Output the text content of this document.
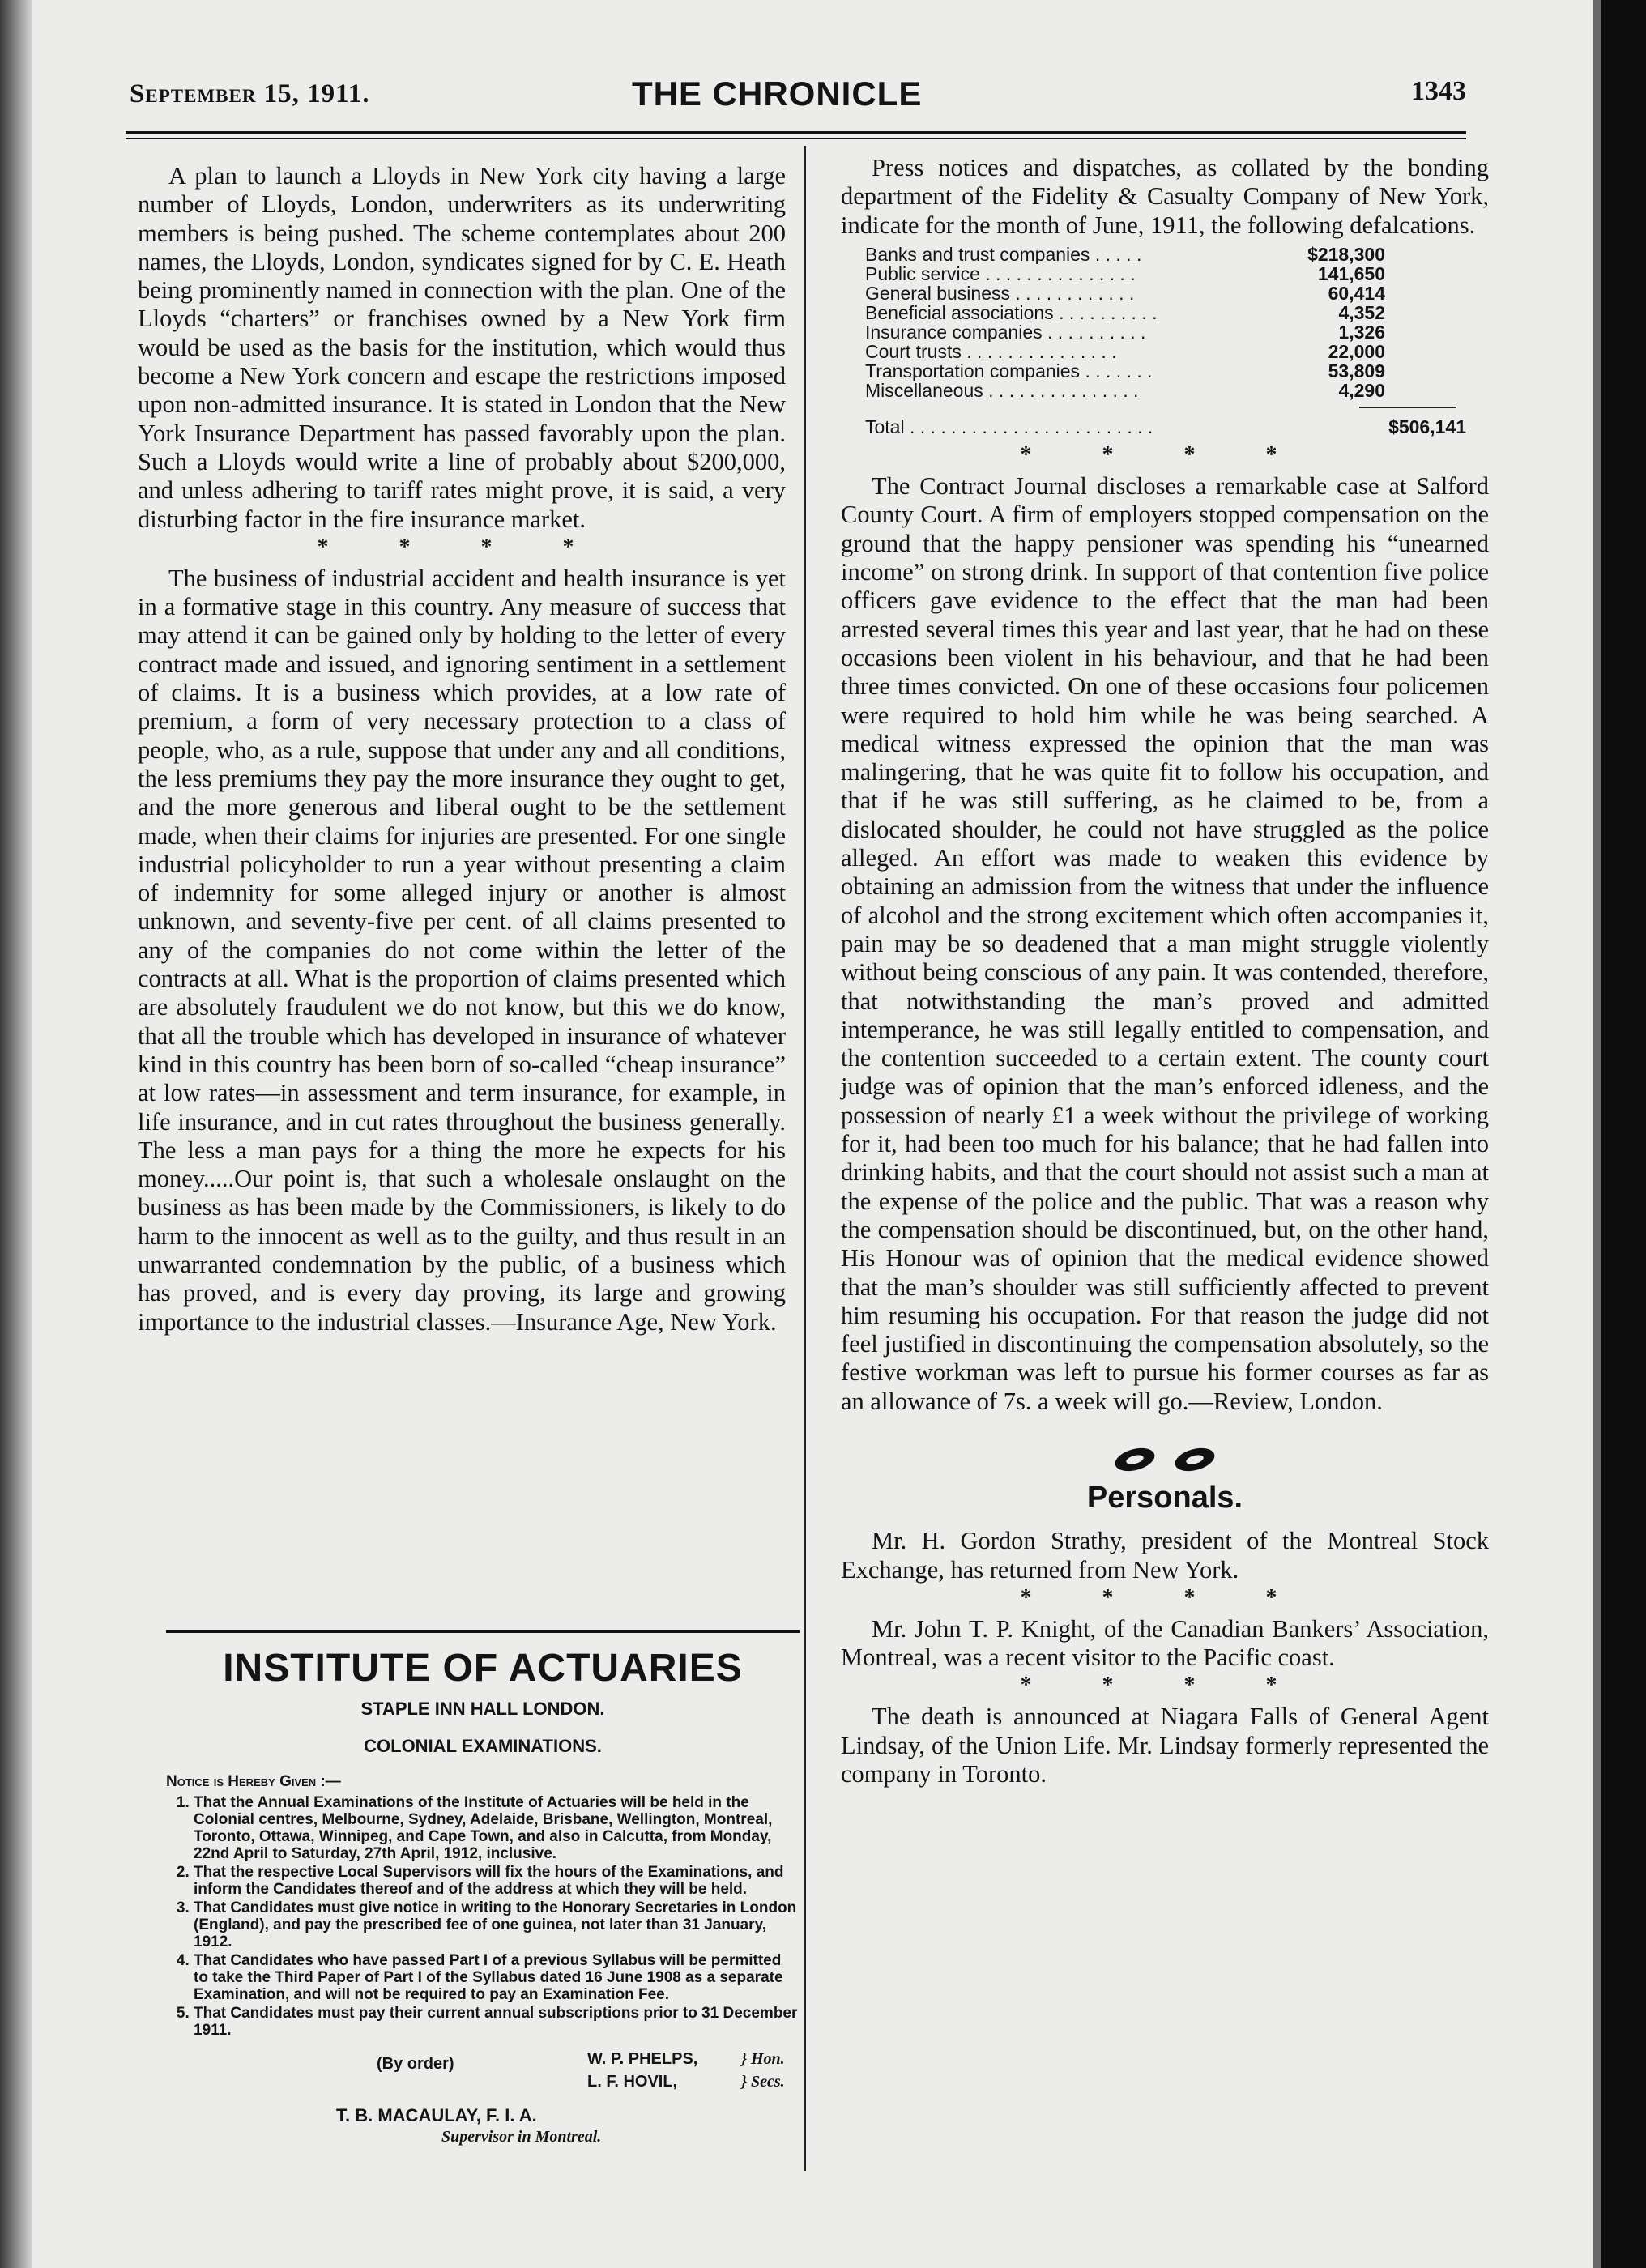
September 15, 1911.	THE CHRONICLE	1343

A plan to launch a Lloyds in New York city having a large number of Lloyds, London, underwriters as its underwriting members is being pushed. The scheme contemplates about 200 names, the Lloyds, London, syndicates signed for by C. E. Heath being prominently named in connection with the plan. One of the Lloyds “charters” or franchises owned by a New York firm would be used as the basis for the institution, which would thus become a New York concern and escape the restrictions imposed upon non-admitted insurance. It is stated in London that the New York Insurance Department has passed favorably upon the plan. Such a Lloyds would write a line of probably about $200,000, and unless adhering to tariff rates might prove, it is said, a very disturbing factor in the fire insurance market.

* * * *

The business of industrial accident and health insurance is yet in a formative stage in this country. Any measure of success that may attend it can be gained only by holding to the letter of every contract made and issued, and ignoring sentiment in a settlement of claims. It is a business which provides, at a low rate of premium, a form of very necessary protection to a class of people, who, as a rule, suppose that under any and all conditions, the less premiums they pay the more insurance they ought to get, and the more generous and liberal ought to be the settlement made, when their claims for injuries are presented. For one single industrial policyholder to run a year without presenting a claim of indemnity for some alleged injury or another is almost unknown, and seventy-five per cent. of all claims presented to any of the companies do not come within the letter of the contracts at all. What is the proportion of claims presented which are absolutely fraudulent we do not know, but this we do know, that all the trouble which has developed in insurance of whatever kind in this country has been born of so-called “cheap insurance” at low rates—in assessment and term insurance, for example, in life insurance, and in cut rates throughout the business generally. The less a man pays for a thing the more he expects for his money.....Our point is, that such a wholesale onslaught on the business as has been made by the Commissioners, is likely to do harm to the innocent as well as to the guilty, and thus result in an unwarranted condemnation by the public, of a business which has proved, and is every day proving, its large and growing importance to the industrial classes.—Insurance Age, New York.

INSTITUTE OF ACTUARIES
STAPLE INN HALL LONDON.
COLONIAL EXAMINATIONS.
Notice is Hereby Given :—
1. That the Annual Examinations of the Institute of Actuaries will be held in the Colonial centres, Melbourne, Sydney, Adelaide, Brisbane, Wellington, Montreal, Toronto, Ottawa, Winnipeg, and Cape Town, and also in Calcutta, from Monday, 22nd April to Saturday, 27th April, 1912, inclusive.
2. That the respective Local Supervisors will fix the hours of the Examinations, and inform the Candidates thereof and of the address at which they will be held.
3. That Candidates must give notice in writing to the Honorary Secretaries in London (England), and pay the prescribed fee of one guinea, not later than 31 January, 1912.
4. That Candidates who have passed Part I of a previous Syllabus will be permitted to take the Third Paper of Part I of the Syllabus dated 16 June 1908 as a separate Examination, and will not be required to pay an Examination Fee.
5. That Candidates must pay their current annual subscriptions prior to 31 December 1911.
(By order)	W. P. PHELPS,
L. F. HOVIL,
} Hon.
} Secs.
T. B. MACAULAY, F. I. A.
Supervisor in Montreal.

Press notices and dispatches, as collated by the bonding department of the Fidelity & Casualty Company of New York, indicate for the month of June, 1911, the following defalcations.

Banks and trust companies . . . . .	$218,300
Public service . . . . . . . . . . . . . . .	141,650
General business . . . . . . . . . . . .	60,414
Beneficial associations . . . . . . . . . .	4,352
Insurance companies . . . . . . . . . .	1,326
Court trusts . . . . . . . . . . . . . . .	22,000
Transportation companies . . . . . . .	53,809
Miscellaneous . . . . . . . . . . . . . . .	4,290
Total . . . . . . . . . . . . . . . . . . . . . . . .	$506,141
* * * *

The Contract Journal discloses a remarkable case at Salford County Court. A firm of employers stopped compensation on the ground that the happy pensioner was spending his “unearned income” on strong drink. In support of that contention five police officers gave evidence to the effect that the man had been arrested several times this year and last year, that he had on these occasions been violent in his behaviour, and that he had been three times convicted. On one of these occasions four policemen were required to hold him while he was being searched. A medical witness expressed the opinion that the man was malingering, that he was quite fit to follow his occupation, and that if he was still suffering, as he claimed to be, from a dislocated shoulder, he could not have struggled as the police alleged. An effort was made to weaken this evidence by obtaining an admission from the witness that under the influence of alcohol and the strong excitement which often accompanies it, pain may be so deadened that a man might struggle violently without being conscious of any pain. It was contended, therefore, that notwithstanding the man’s proved and admitted intemperance, he was still legally entitled to compensation, and the contention succeeded to a certain extent. The county court judge was of opinion that the man’s enforced idleness, and the possession of nearly £1 a week without the privilege of working for it, had been too much for his balance; that he had fallen into drinking habits, and that the court should not assist such a man at the expense of the police and the public. That was a reason why the compensation should be discontinued, but, on the other hand, His Honour was of opinion that the medical evidence showed that the man’s shoulder was still sufficiently affected to prevent him resuming his occupation. For that reason the judge did not feel justified in discontinuing the compensation absolutely, so the festive workman was left to pursue his former courses as far as an allowance of 7s. a week will go.—Review, London.

Personals.

Mr. H. Gordon Strathy, president of the Montreal Stock Exchange, has returned from New York.

* * * *

Mr. John T. P. Knight, of the Canadian Bankers’ Association, Montreal, was a recent visitor to the Pacific coast.

* * * *

The death is announced at Niagara Falls of General Agent Lindsay, of the Union Life. Mr. Lindsay formerly represented the company in Toronto.
